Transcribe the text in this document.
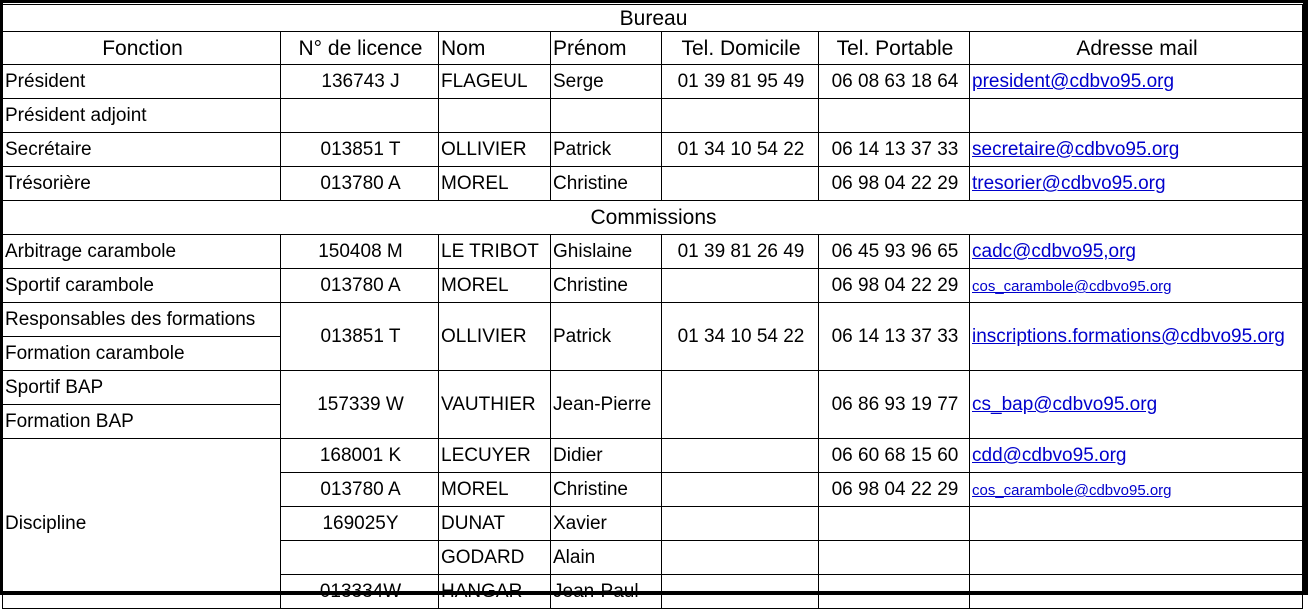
Bureau						
Fonction	N° de licence	Nom	Prénom	Tel. Domicile	Tel. Portable	Adresse mail
Président	136743 J	FLAGEUL	Serge	01 39 81 95 49	06 08 63 18 64	president@cdbvo95.org
Président adjoint						
Secrétaire	013851 T	OLLIVIER	Patrick	01 34 10 54 22	06 14 13 37 33	secretaire@cdbvo95.org
Trésorière	013780 A	MOREL	Christine		06 98 04 22 29	tresorier@cdbvo95.org
Commissions						
Arbitrage carambole	150408 M	LE TRIBOT	Ghislaine	01 39 81 26 49	06 45 93 96 65	cadc@cdbvo95,org
Sportif carambole	013780 A	MOREL	Christine		06 98 04 22 29	cos_carambole@cdbvo95.org
Responsables des formations	013851 T	OLLIVIER	Patrick	01 34 10 54 22	06 14 13 37 33	inscriptions.formations@cdbvo95.org
Formation carambole						
Sportif BAP	157339 W	VAUTHIER	Jean-Pierre		06 86 93 19 77	cs_bap@cdbvo95.org
Formation BAP						
Discipline	168001 K	LECUYER	Didier		06 60 68 15 60	cdd@cdbvo95.org
	013780 A	MOREL	Christine		06 98 04 22 29	cos_carambole@cdbvo95.org
	169025Y	DUNAT	Xavier			
		GODARD	Alain			
	013334W	HANGAR	Jean-Paul			
